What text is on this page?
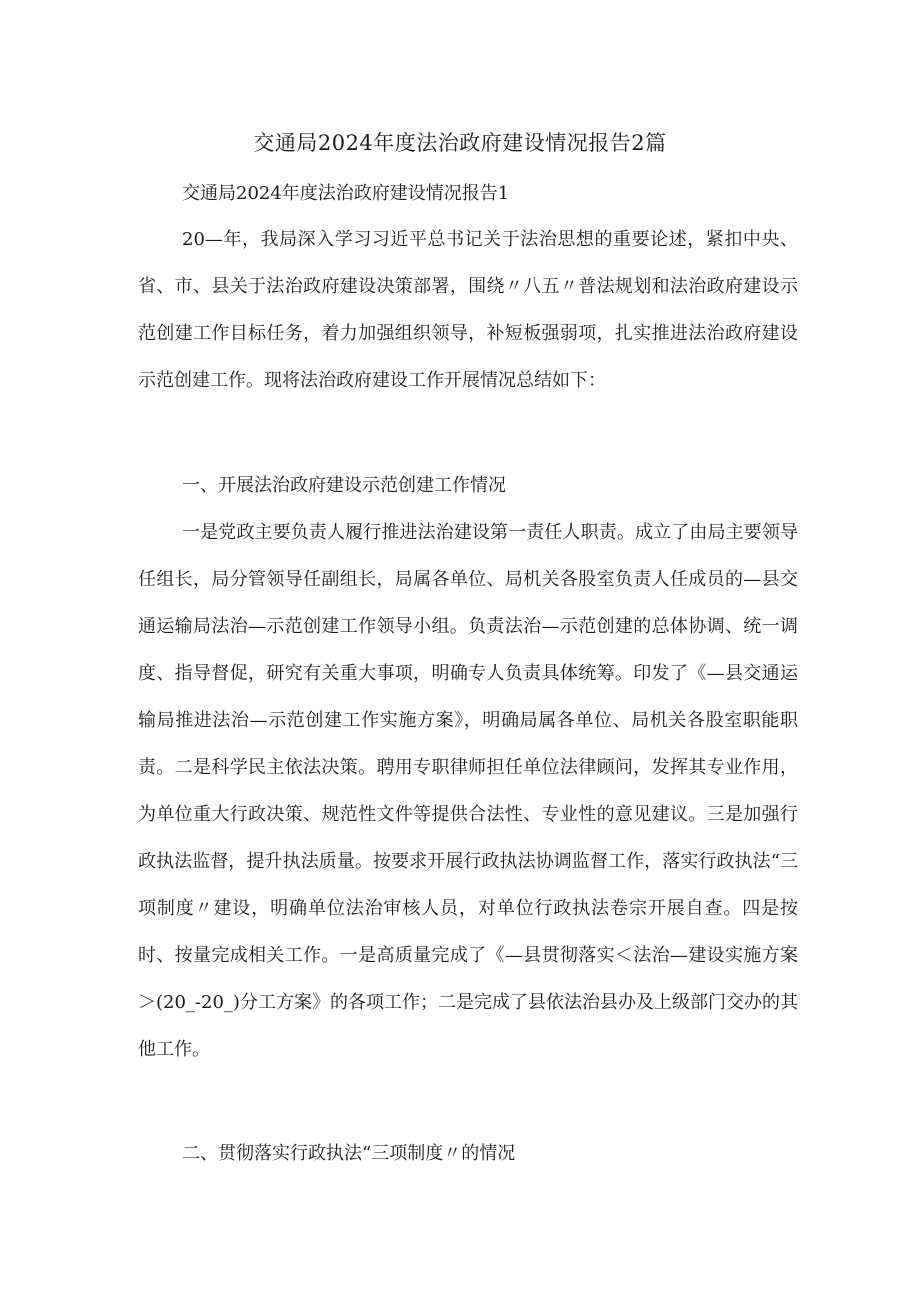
交通局2024年度法治政府建设情况报告2篇

交通局2024年度法治政府建设情况报告1

20—年，我局深入学习习近平总书记关于法治思想的重要论述，紧扣中央、省、市、县关于法治政府建设决策部署，围绕〃八五〃普法规划和法治政府建设示范创建工作目标任务，着力加强组织领导，补短板强弱项，扎实推进法治政府建设示范创建工作。现将法治政府建设工作开展情况总结如下：

一、开展法治政府建设示范创建工作情况

一是党政主要负责人履行推进法治建设第一责任人职责。成立了由局主要领导任组长，局分管领导任副组长，局属各单位、局机关各股室负责人任成员的—县交通运输局法治—示范创建工作领导小组。负责法治—示范创建的总体协调、统一调度、指导督促，研究有关重大事项，明确专人负责具体统筹。印发了《—县交通运输局推进法治—示范创建工作实施方案》，明确局属各单位、局机关各股室职能职责。二是科学民主依法决策。聘用专职律师担任单位法律顾问，发挥其专业作用，为单位重大行政决策、规范性文件等提供合法性、专业性的意见建议。三是加强行政执法监督，提升执法质量。按要求开展行政执法协调监督工作，落实行政执法“三项制度〃建设，明确单位法治审核人员，对单位行政执法卷宗开展自查。四是按时、按量完成相关工作。一是高质量完成了《—县贯彻落实＜法治—建设实施方案＞(20_-20_)分工方案》的各项工作；二是完成了县依法治县办及上级部门交办的其他工作。

二、贯彻落实行政执法“三项制度〃的情况
